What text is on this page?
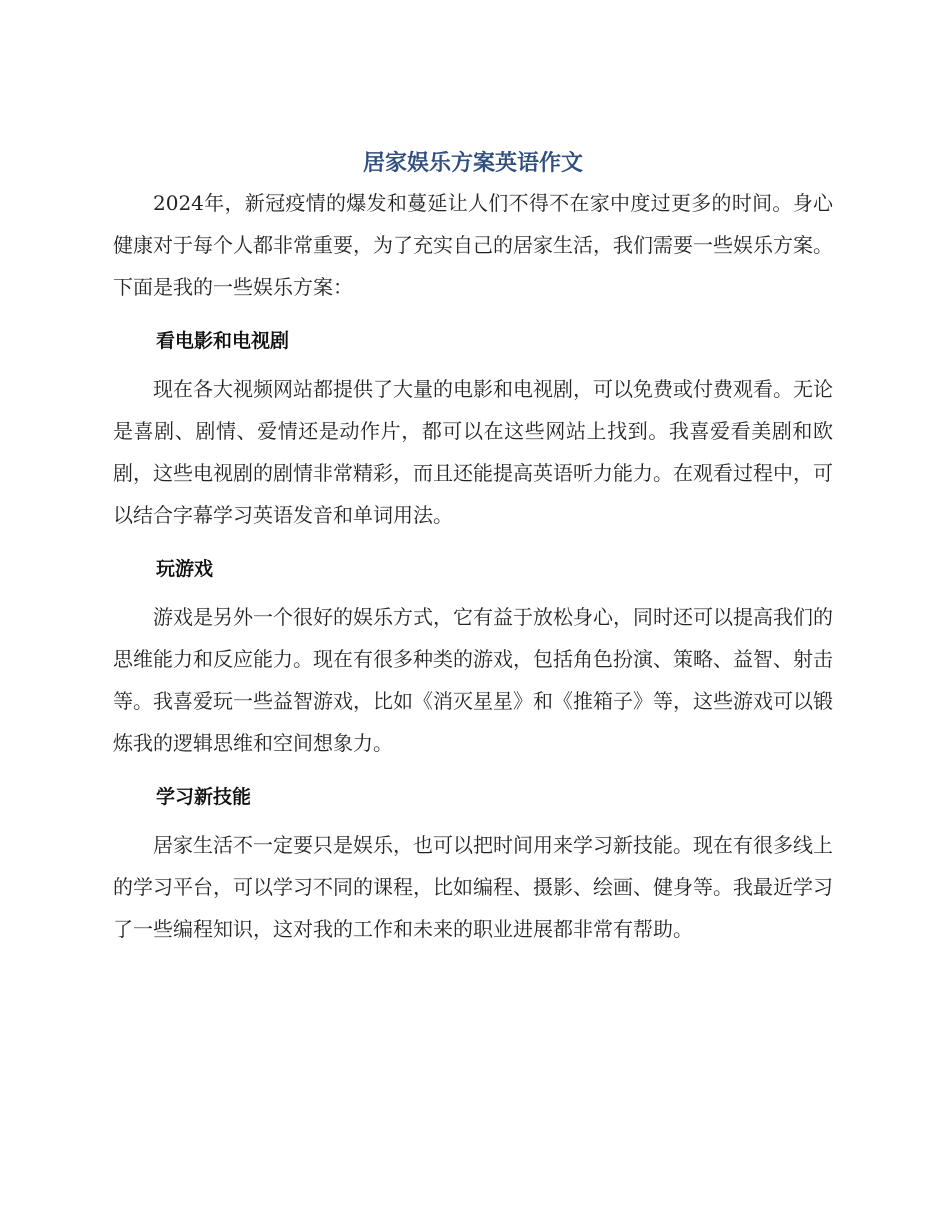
居家娱乐方案英语作文

2024年，新冠疫情的爆发和蔓延让人们不得不在家中度过更多的时间。身心健康对于每个人都非常重要，为了充实自己的居家生活，我们需要一些娱乐方案。下面是我的一些娱乐方案：

看电影和电视剧

现在各大视频网站都提供了大量的电影和电视剧，可以免费或付费观看。无论是喜剧、剧情、爱情还是动作片，都可以在这些网站上找到。我喜爱看美剧和欧剧，这些电视剧的剧情非常精彩，而且还能提高英语听力能力。在观看过程中，可以结合字幕学习英语发音和单词用法。

玩游戏

游戏是另外一个很好的娱乐方式，它有益于放松身心，同时还可以提高我们的思维能力和反应能力。现在有很多种类的游戏，包括角色扮演、策略、益智、射击等。我喜爱玩一些益智游戏，比如《消灭星星》和《推箱子》等，这些游戏可以锻炼我的逻辑思维和空间想象力。

学习新技能

居家生活不一定要只是娱乐，也可以把时间用来学习新技能。现在有很多线上的学习平台，可以学习不同的课程，比如编程、摄影、绘画、健身等。我最近学习了一些编程知识，这对我的工作和未来的职业进展都非常有帮助。
